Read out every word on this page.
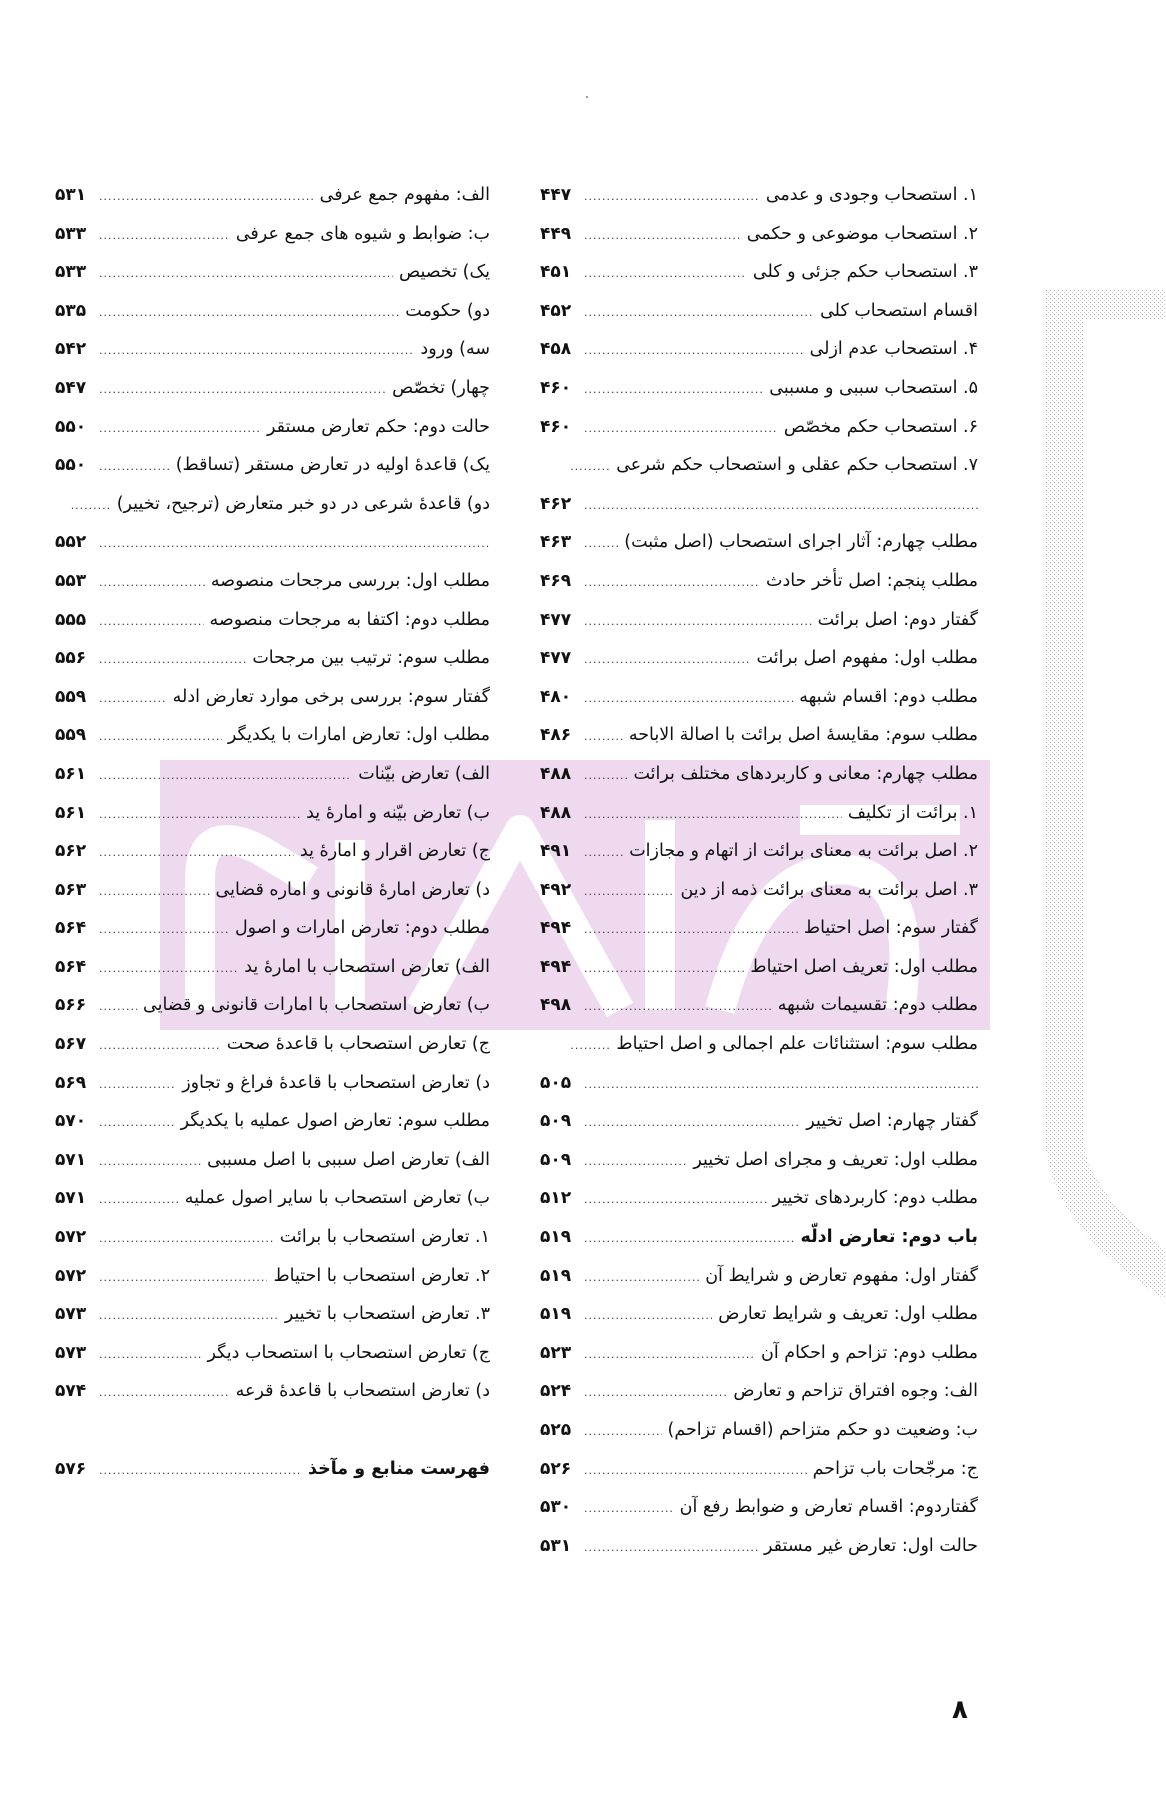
۱. استصحاب وجودی و عدمی
.....
۴۴۷
۲. استصحاب موضوعی و حکمی
.....
۴۴۹
۳. استصحاب حکم جزئی و کلی
.....
۴۵۱
اقسام استصحاب کلی
.....
۴۵۲
۴. استصحاب عدم ازلی
.....
۴۵۸
۵. استصحاب سببی و مسببی
.....
۴۶۰
۶. استصحاب حکم مخصّص
.....
۴۶۰
۷. استصحاب حکم عقلی و استصحاب حکم شرعی
.....
.....
۴۶۲
مطلب چهارم: آثار اجرای استصحاب (اصل مثبت)
.....
۴۶۳
مطلب پنجم: اصل تأخر حادث
.....
۴۶۹
گفتار دوم: اصل برائت
.....
۴۷۷
مطلب اول: مفهوم اصل برائت
.....
۴۷۷
مطلب دوم: اقسام شبهه
.....
۴۸۰
مطلب سوم: مقایسهٔ اصل برائت با اصالة الاباحه
.....
۴۸۶
مطلب چهارم: معانی و کاربردهای مختلف برائت
.....
۴۸۸
۱. برائت از تکلیف
.....
۴۸۸
۲. اصل برائت به معنای برائت از اتهام و مجازات
.....
۴۹۱
۳. اصل برائت به معنای برائت ذمه از دین
.....
۴۹۲
گفتار سوم: اصل احتیاط
.....
۴۹۴
مطلب اول: تعریف اصل احتیاط
.....
۴۹۴
مطلب دوم: تقسیمات شبهه
.....
۴۹۸
مطلب سوم: استثنائات علم اجمالی و اصل احتیاط
.....
.....
۵۰۵
گفتار چهارم: اصل تخییر
.....
۵۰۹
مطلب اول: تعریف و مجرای اصل تخییر
.....
۵۰۹
مطلب دوم: کاربردهای تخییر
.....
۵۱۲
باب دوم: تعارض ادلّه
.....
۵۱۹
گفتار اول: مفهوم تعارض و شرایط آن
.....
۵۱۹
مطلب اول: تعریف و شرایط تعارض
.....
۵۱۹
مطلب دوم: تزاحم و احکام آن
.....
۵۲۳
الف: وجوه افتراق تزاحم و تعارض
.....
۵۲۴
ب: وضعیت دو حکم متزاحم (اقسام تزاحم)
.....
۵۲۵
ج: مرجّحات باب تزاحم
.....
۵۲۶
گفتاردوم: اقسام تعارض و ضوابط رفع آن
.....
۵۳۰
حالت اول: تعارض غیر مستقر
.....
۵۳۱
الف: مفهوم جمع عرفی
.....
۵۳۱
ب: ضوابط و شیوه های جمع عرفی
.....
۵۳۳
یک) تخصیص
.....
۵۳۳
دو) حکومت
.....
۵۳۵
سه) ورود
.....
۵۴۲
چهار) تخصّص
.....
۵۴۷
حالت دوم: حکم تعارض مستقر
.....
۵۵۰
یک) قاعدهٔ اولیه در تعارض مستقر (تساقط)
.....
۵۵۰
دو) قاعدهٔ شرعی در دو خبر متعارض (ترجیح، تخییر)
.....
.....
۵۵۲
مطلب اول: بررسی مرجحات منصوصه
.....
۵۵۳
مطلب دوم: اکتفا به مرجحات منصوصه
.....
۵۵۵
مطلب سوم: ترتیب بین مرجحات
.....
۵۵۶
گفتار سوم: بررسی برخی موارد تعارض ادله
.....
۵۵۹
مطلب اول: تعارض امارات با یکدیگر
.....
۵۵۹
الف) تعارض بیّنات
.....
۵۶۱
ب) تعارض بیّنه و امارهٔ ید
.....
۵۶۱
ج) تعارض اقرار و امارهٔ ید
.....
۵۶۲
د) تعارض امارهٔ قانونی و اماره قضایی
.....
۵۶۳
مطلب دوم: تعارض امارات و اصول
.....
۵۶۴
الف) تعارض استصحاب با امارهٔ ید
.....
۵۶۴
ب) تعارض استصحاب با امارات قانونی و قضایی
.....
۵۶۶
ج) تعارض استصحاب با قاعدهٔ صحت
.....
۵۶۷
د) تعارض استصحاب با قاعدهٔ فراغ و تجاوز
.....
۵۶۹
مطلب سوم: تعارض اصول عملیه با یکدیگر
.....
۵۷۰
الف) تعارض اصل سببی با اصل مسببی
.....
۵۷۱
ب) تعارض استصحاب با سایر اصول عملیه
.....
۵۷۱
۱. تعارض استصحاب با برائت
.....
۵۷۲
۲. تعارض استصحاب با احتیاط
.....
۵۷۲
۳. تعارض استصحاب با تخییر
.....
۵۷۳
ج) تعارض استصحاب با استصحاب دیگر
.....
۵۷۳
د) تعارض استصحاب با قاعدهٔ قرعه
.....
۵۷۴
فهرست منابع و مآخذ
.....
۵۷۶
۸
